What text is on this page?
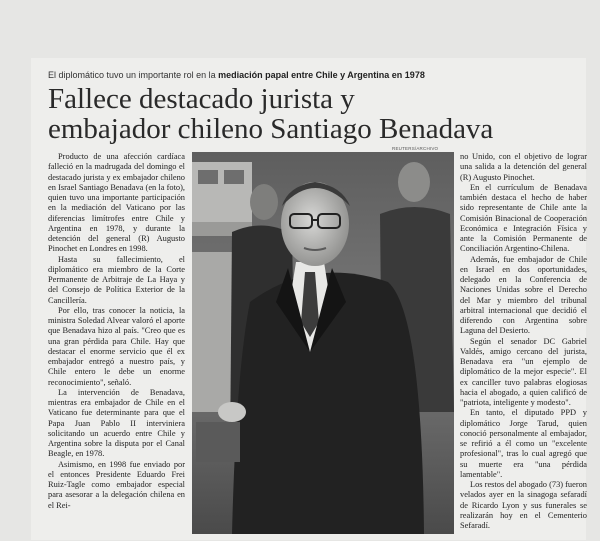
El diplomático tuvo un importante rol en la mediación papal entre Chile y Argentina en 1978
Fallece destacado jurista y
embajador chileno Santiago Benadava

Producto de una afección cardíaca falleció en la madrugada del domingo el destacado jurista y ex embajador chileno en Israel Santiago Benadava (en la foto), quien tuvo una importante participación en la mediación del Vaticano por las diferencias limítrofes entre Chile y Argentina en 1978, y durante la detención del general (R) Augusto Pinochet en Londres en 1998.

Hasta su fallecimiento, el diplomático era miembro de la Corte Permanente de Arbitraje de La Haya y del Consejo de Política Exterior de la Cancillería.

Por ello, tras conocer la noticia, la ministra Soledad Alvear valoró el aporte que Benadava hizo al país. "Creo que es una gran pérdida para Chile. Hay que destacar el enorme servicio que él ex embajador entregó a nuestro país, y Chile entero le debe un enorme reconocimiento", señaló.

La intervención de Benadava, mientras era embajador de Chile en el Vaticano fue determinante para que el Papa Juan Pablo II interviniera solicitando un acuerdo entre Chile y Argentina sobre la disputa por el Canal Beagle, en 1978.

Asimismo, en 1998 fue enviado por el entonces Presidente Eduardo Frei Ruiz-Tagle como embajador especial para asesorar a la delegación chilena en el Rei-

REUTERS/ARCHIVO

no Unido, con el objetivo de lograr una salida a la detención del general (R) Augusto Pinochet.

En el currículum de Benadava también destaca el hecho de haber sido representante de Chile ante la Comisión Binacional de Cooperación Económica e Integración Física y ante la Comisión Permanente de Conciliación Argentino-Chilena.

Además, fue embajador de Chile en Israel en dos oportunidades, delegado en la Conferencia de Naciones Unidas sobre el Derecho del Mar y miembro del tribunal arbitral internacional que decidió el diferendo con Argentina sobre Laguna del Desierto.

Según el senador DC Gabriel Valdés, amigo cercano del jurista, Benadava era "un ejemplo de diplomático de la mejor especie". El ex canciller tuvo palabras elogiosas hacia el abogado, a quien calificó de "patriota, inteligente y modesto".

En tanto, el diputado PPD y diplomático Jorge Tarud, quien conoció personalmente al embajador, se refirió a él como un "excelente profesional", tras lo cual agregó que su muerte era "una pérdida lamentable".

Los restos del abogado (73) fueron velados ayer en la sinagoga sefaradí de Ricardo Lyon y sus funerales se realizarán hoy en el Cementerio Sefaradí.
